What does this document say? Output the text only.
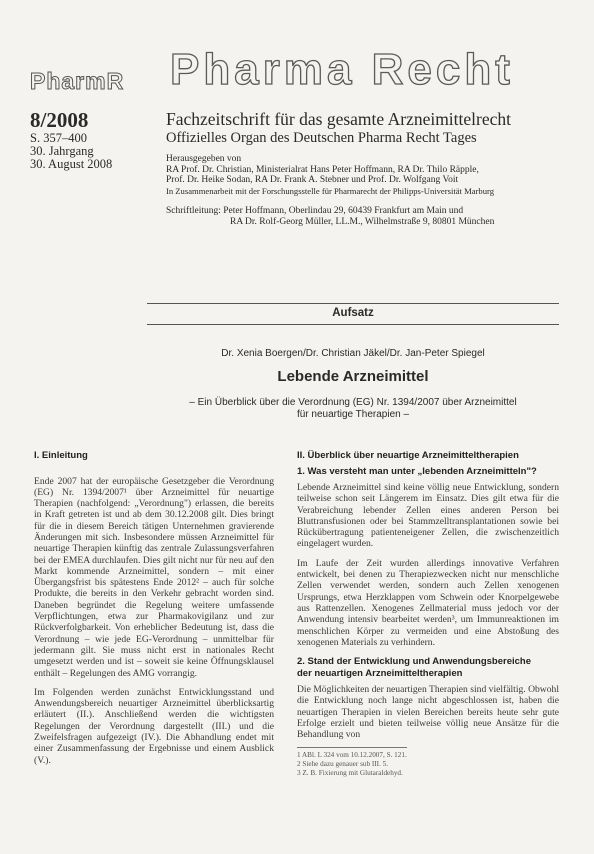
PharmR Pharma Recht
8/2008
S. 357–400
30. Jahrgang
30. August 2008
Fachzeitschrift für das gesamte Arzneimittelrecht
Offizielles Organ des Deutschen Pharma Recht Tages
Herausgegeben von
RA Prof. Dr. Christian, Ministerialrat Hans Peter Hoffmann, RA Dr. Thilo Räpple,
Prof. Dr. Heike Sodan, RA Dr. Frank A. Stebner und Prof. Dr. Wolfgang Voit
In Zusammenarbeit mit der Forschungsstelle für Pharmarecht der Philipps-Universität Marburg
Schriftleitung: Peter Hoffmann, Oberlindau 29, 60439 Frankfurt am Main und
RA Dr. Rolf-Georg Müller, LL.M., Wilhelmstraße 9, 80801 München
Aufsatz
Dr. Xenia Boergen/Dr. Christian Jäkel/Dr. Jan-Peter Spiegel
Lebende Arzneimittel
– Ein Überblick über die Verordnung (EG) Nr. 1394/2007 über Arzneimittel
für neuartige Therapien –
I. Einleitung

Ende 2007 hat der europäische Gesetzgeber die Verordnung (EG) Nr. 1394/2007¹ über Arzneimittel für neuartige Therapien (nachfolgend: „Verordnung") erlassen, die bereits in Kraft getreten ist und ab dem 30.12.2008 gilt. Dies bringt für die in diesem Bereich tätigen Unternehmen gravierende Änderungen mit sich. Insbesondere müssen Arzneimittel für neuartige Therapien künftig das zentrale Zulassungsverfahren bei der EMEA durchlaufen. Dies gilt nicht nur für neu auf den Markt kommende Arzneimittel, sondern – mit einer Übergangsfrist bis spätestens Ende 2012² – auch für solche Produkte, die bereits in den Verkehr gebracht worden sind. Daneben begründet die Regelung weitere umfassende Verpflichtungen, etwa zur Pharmakovigilanz und zur Rückverfolgbarkeit. Von erheblicher Bedeutung ist, dass die Verordnung – wie jede EG-Verordnung – unmittelbar für jedermann gilt. Sie muss nicht erst in nationales Recht umgesetzt werden und ist – soweit sie keine Öffnungsklausel enthält – Regelungen des AMG vorrangig.

Im Folgenden werden zunächst Entwicklungsstand und Anwendungsbereich neuartiger Arzneimittel überblicksartig erläutert (II.). Anschließend werden die wichtigsten Regelungen der Verordnung dargestellt (III.) und die Zweifelsfragen aufgezeigt (IV.). Die Abhandlung endet mit einer Zusammenfassung der Ergebnisse und einem Ausblick (V.).

II. Überblick über neuartige Arzneimitteltherapien
1. Was versteht man unter „lebenden Arzneimitteln"?

Lebende Arzneimittel sind keine völlig neue Entwicklung, sondern teilweise schon seit Längerem im Einsatz. Dies gilt etwa für die Verabreichung lebender Zellen eines anderen Person bei Bluttransfusionen oder bei Stammzelltransplantationen sowie bei Rückübertragung patienteneigener Zellen, die zwischenzeitlich eingelagert wurden.

Im Laufe der Zeit wurden allerdings innovative Verfahren entwickelt, bei denen zu Therapiezwecken nicht nur menschliche Zellen verwendet werden, sondern auch Zellen xenogenen Ursprungs, etwa Herzklappen vom Schwein oder Knorpelgewebe aus Rattenzellen. Xenogenes Zellmaterial muss jedoch vor der Anwendung intensiv bearbeitet werden³, um Immunreaktionen im menschlichen Körper zu vermeiden und eine Abstoßung des xenogenen Materials zu verhindern.

2. Stand der Entwicklung und Anwendungsbereiche
der neuartigen Arzneimitteltherapien

Die Möglichkeiten der neuartigen Therapien sind vielfältig. Obwohl die Entwicklung noch lange nicht abgeschlossen ist, haben die neuartigen Therapien in vielen Bereichen bereits heute sehr gute Erfolge erzielt und bieten teilweise völlig neue Ansätze für die Behandlung von

1 ABl. L 324 vom 10.12.2007, S. 121.
2 Siehe dazu genauer sub III. 5.
3 Z. B. Fixierung mit Glutaraldehyd.
